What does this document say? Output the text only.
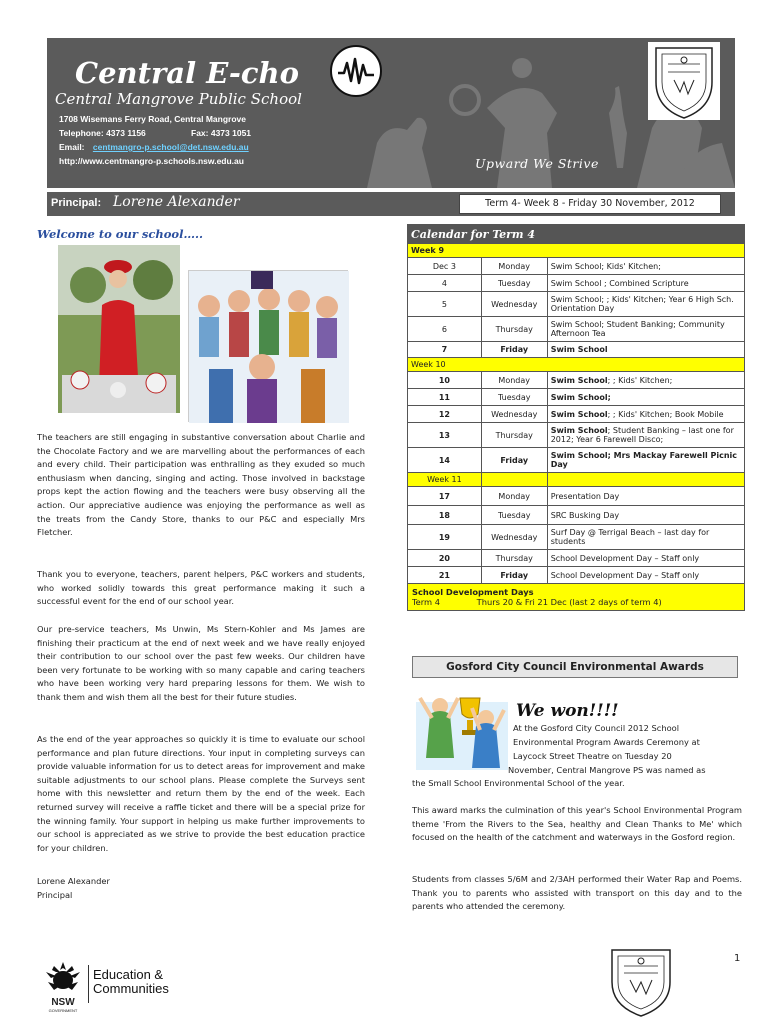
Central E-cho
Central Mangrove Public School
1708 Wisemans Ferry Road, Central Mangrove
Telephone: 4373 1156	Fax: 4373 1051
Email: centmangro-p.school@det.nsw.edu.au
http://www.centmangro-p.schools.nsw.edu.au	Upward We Strive
Principal: Lorene Alexander	Term 4- Week 8 - Friday 30 November, 2012
Welcome to our school…..
The teachers are still engaging in substantive conversation about Charlie and the Chocolate Factory and we are marvelling about the performances of each and every child. Their participation was enthralling as they exuded so much enthusiasm when dancing, singing and acting. Those involved in backstage props kept the action flowing and the teachers were busy observing all the action. Our appreciative audience was enjoying the performance as well as the treats from the Candy Store, thanks to our P&C and especially Mrs Fletcher.
Thank you to everyone, teachers, parent helpers, P&C workers and students, who worked solidly towards this great performance making it such a successful event for the end of our school year.
Our pre-service teachers, Ms Unwin, Ms Stern-Kohler and Ms James are finishing their practicum at the end of next week and we have really enjoyed their contribution to our school over the past few weeks. Our children have been very fortunate to be working with so many capable and caring teachers who have been working very hard preparing lessons for them. We wish to thank them and wish them all the best for their future studies.
As the end of the year approaches so quickly it is time to evaluate our school performance and plan future directions. Your input in completing surveys can provide valuable information for us to detect areas for improvement and make suitable adjustments to our school plans. Please complete the Surveys sent home with this newsletter and return them by the end of the week. Each returned survey will receive a raffle ticket and there will be a special prize for the winning family. Your support in helping us make further improvements to our school is appreciated as we strive to provide the best education practice for your children.
Lorene Alexander
Principal
Calendar for Term 4		
Week 9		
Dec 3	Monday	Swim School; Kids' Kitchen;
4	Tuesday	Swim School ; Combined Scripture
5	Wednesday	Swim School; ; Kids' Kitchen; Year 6 High Sch. Orientation Day
6	Thursday	Swim School; Student Banking; Community Afternoon Tea
7	Friday	Swim School
Week 10		
10	Monday	Swim School; ; Kids' Kitchen;
11	Tuesday	Swim School;
12	Wednesday	Swim School; ; Kids' Kitchen; Book Mobile
13	Thursday	Swim School; Student Banking – last one for 2012; Year 6 Farewell Disco;
14	Friday	Swim School; Mrs Mackay Farewell Picnic Day
Week 11		
17	Monday	Presentation Day
18	Tuesday	SRC Busking Day
19	Wednesday	Surf Day @ Terrigal Beach – last day for students
20	Thursday	School Development Day – Staff only
21	Friday	School Development Day – Staff only

School Development Days
Term 4 Thurs 20 & Fri 21 Dec (last 2 days of term 4)		
Gosford City Council Environmental Awards
We won!!!!
At the Gosford City Council 2012 School
Environmental Program Awards Ceremony at
Laycock Street Theatre on Tuesday 20
November, Central Mangrove PS was named as
the Small School Environmental School of the year.
This award marks the culmination of this year's School Environmental Program theme 'From the Rivers to the Sea, healthy and Clean Thanks to Me' which focused on the health of the catchment and waterways in the Gosford region.
Students from classes 5/6M and 2/3AH performed their Water Rap and Poems. Thank you to parents who assisted with transport on this day and to the parents who attended the ceremony.
NSW
GOVERNMENT
Education &
Communities
1
